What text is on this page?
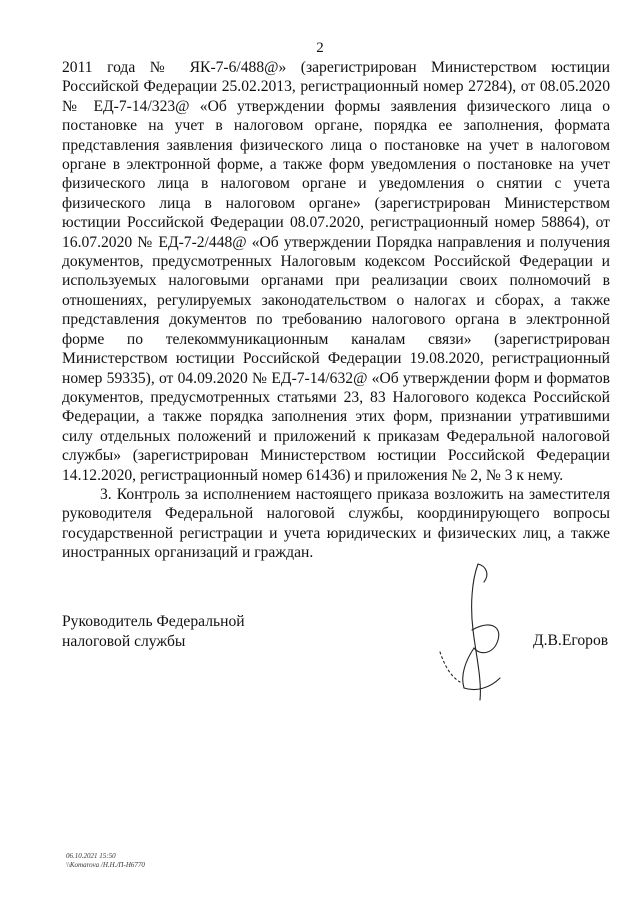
2

2011 года № ЯК-7-6/488@» (зарегистрирован Министерством юстиции Российской Федерации 25.02.2013, регистрационный номер 27284), от 08.05.2020 № ЕД-7-14/323@ «Об утверждении формы заявления физического лица о постановке на учет в налоговом органе, порядка ее заполнения, формата представления заявления физического лица о постановке на учет в налоговом органе в электронной форме, а также форм уведомления о постановке на учет физического лица в налоговом органе и уведомления о снятии с учета физического лица в налоговом органе» (зарегистрирован Министерством юстиции Российской Федерации 08.07.2020, регистрационный номер 58864), от 16.07.2020 № ЕД-7-2/448@ «Об утверждении Порядка направления и получения документов, предусмотренных Налоговым кодексом Российской Федерации и используемых налоговыми органами при реализации своих полномочий в отношениях, регулируемых законодательством о налогах и сборах, а также представления документов по требованию налогового органа в электронной форме по телекоммуникационным каналам связи» (зарегистрирован Министерством юстиции Российской Федерации 19.08.2020, регистрационный номер 59335), от 04.09.2020 № ЕД-7-14/632@ «Об утверждении форм и форматов документов, предусмотренных статьями 23, 83 Налогового кодекса Российской Федерации, а также порядка заполнения этих форм, признании утратившими силу отдельных положений и приложений к приказам Федеральной налоговой службы» (зарегистрирован Министерством юстиции Российской Федерации 14.12.2020, регистрационный номер 61436) и приложения № 2, № 3 к нему.

3. Контроль за исполнением настоящего приказа возложить на заместителя руководителя Федеральной налоговой службы, координирующего вопросы государственной регистрации и учета юридических и физических лиц, а также иностранных организаций и граждан.

Руководитель Федеральной
налоговой службы	Д.В.Егоров
06.10.2021 15:50
\\Komarova /Н.Н./П-Н6770
